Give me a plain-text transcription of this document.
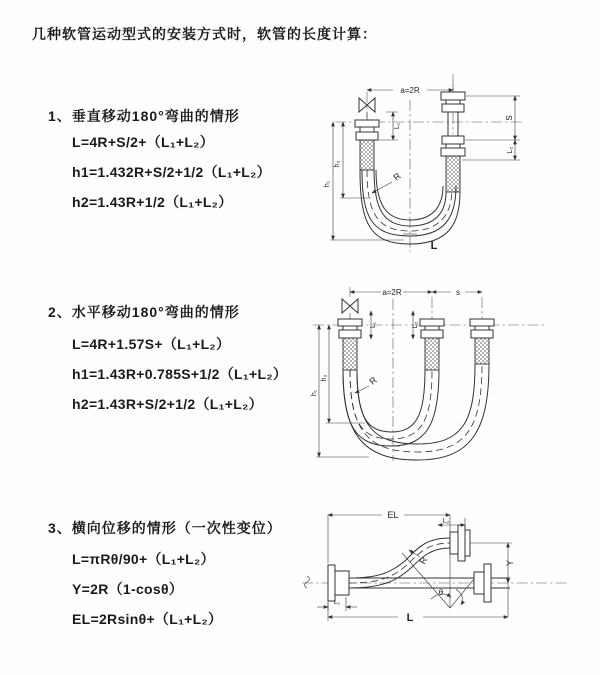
几种软管运动型式的安装方式时，软管的长度计算：
1、垂直移动180°弯曲的情形
L=4R+S/2+（L₁+L₂）
h1=1.432R+S/2+1/2（L₁+L₂）
h2=1.43R+1/2（L₁+L₂）
2、水平移动180°弯曲的情形
L=4R+1.57S+（L₁+L₂）
h1=1.43R+0.785S+1/2（L₁+L₂）
h2=1.43R+S/2+1/2（L₁+L₂）
3、横向位移的情形（一次性变位）
L=πRθ/90+（L₁+L₂）
Y=2R（1-cosθ）
EL=2Rsinθ+（L₁+L₂）
a=2R
h₁
h₂
L₁
S
L₂
R
L
a=2R	s
h₁
h₂
L₁	L₂
R
EL
L₂
Y
R
θ
L₁
L
